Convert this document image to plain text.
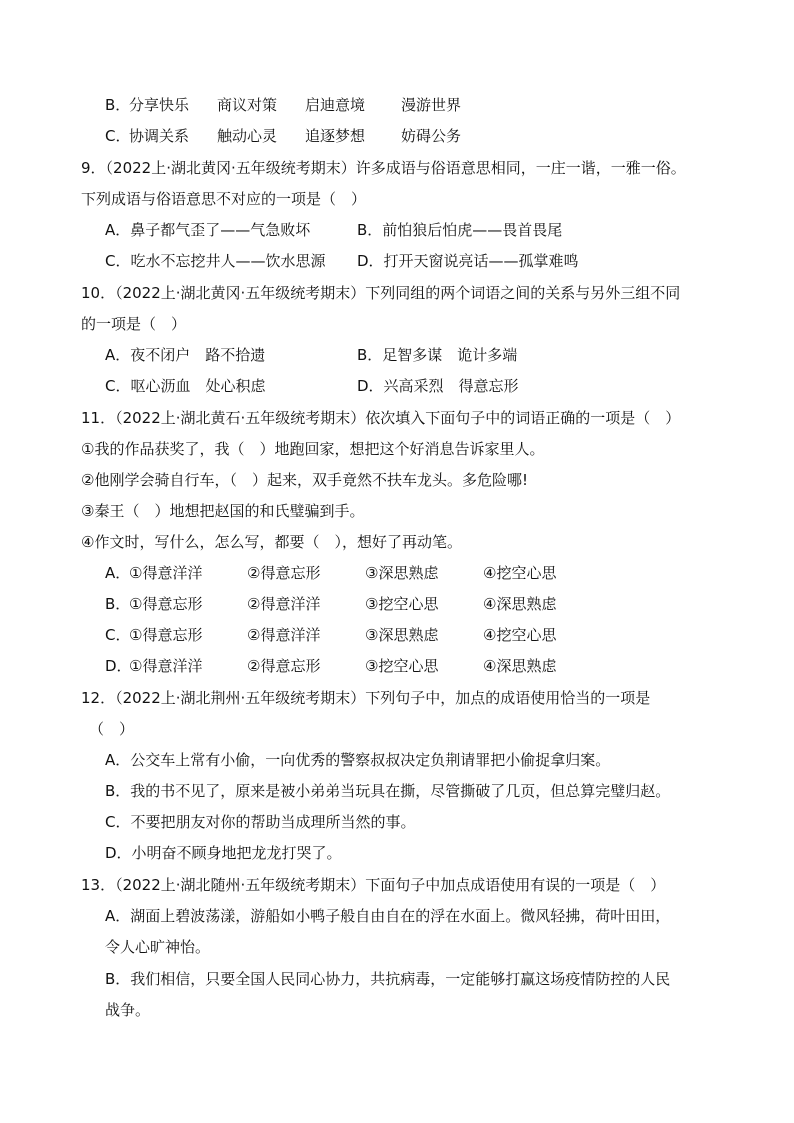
B．
分享快乐 商议对策 启迪意境 漫游世界
C．
协调关系 触动心灵 追逐梦想 妨碍公务
9．（2022上·湖北黄冈·五年级统考期末）许多成语与俗语意思相同，一庄一谐，一雅一俗。
下列成语与俗语意思不对应的一项是（　）
A．鼻子都气歪了——气急败坏	B．前怕狼后怕虎——畏首畏尾
C．吃水不忘挖井人——饮水思源 D．打开天窗说亮话——孤掌难鸣
10．（2022上·湖北黄冈·五年级统考期末）下列同组的两个词语之间的关系与另外三组不同
的一项是（　）
A．夜不闭户　路不拾遗	B．足智多谋　诡计多端
C．呕心沥血　处心积虑	D．兴高采烈　得意忘形
11．（2022上·湖北黄石·五年级统考期末）依次填入下面句子中的词语正确的一项是（　）
①我的作品获奖了，我（　）地跑回家，想把这个好消息告诉家里人。
②他刚学会骑自行车，（　）起来，双手竟然不扶车龙头。多危险哪!
③秦王（　）地想把赵国的和氏璧骗到手。
④作文时，写什么，怎么写，都要（　），想好了再动笔。
A．
①得意洋洋	②得意忘形	③深思熟虑	④挖空心思
B．
①得意忘形	②得意洋洋	③挖空心思	④深思熟虑
C．
①得意忘形	②得意洋洋	③深思熟虑	④挖空心思
D．
①得意洋洋	②得意忘形	③挖空心思	④深思熟虑
12．（2022上·湖北荆州·五年级统考期末）下列句子中，加点的成语使用恰当的一项是
（　）
A．公交车上常有小偷，一向优秀的警察叔叔决定负荆请罪把小偷捉拿归案。
B．我的书不见了，原来是被小弟弟当玩具在撕，尽管撕破了几页，但总算完璧归赵。
C．不要把朋友对你的帮助当成理所当然的事。
D．小明奋不顾身地把龙龙打哭了。
13．（2022上·湖北随州·五年级统考期末）下面句子中加点成语使用有误的一项是（　）
A．湖面上碧波荡漾，游船如小鸭子般自由自在的浮在水面上。微风轻拂，荷叶田田，
令人心旷神怡。
B．我们相信，只要全国人民同心协力，共抗病毒，一定能够打赢这场疫情防控的人民
战争。
